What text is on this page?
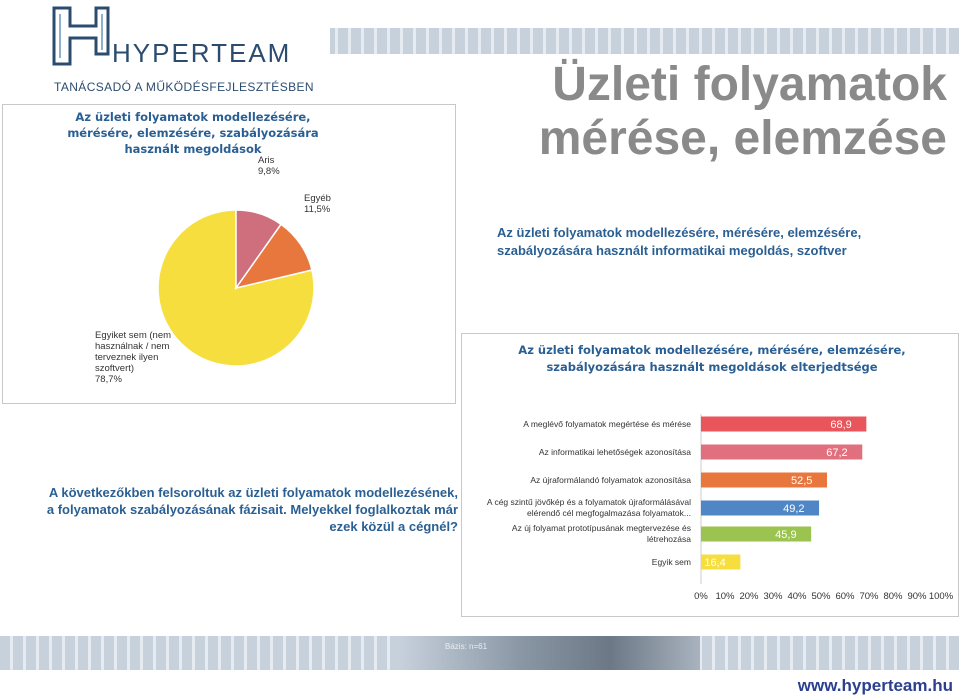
HYPERTEAM
TANÁCSADÓ A MŰKÖDÉSFEJLESZTÉSBEN	Üzleti folyamatok
mérése, elemzése
Az üzleti folyamatok modellezésére, mérésére, elemzésére, szabályozására használt informatikai megoldás, szoftver
Az üzleti folyamatok modellezésére, mérésére, elemzésére, szabályozására használt megoldások
Egyiket sem (nem
használnak / nem
terveznek ilyen
szoftvert)
78,7%
Aris
9,8%
Egyéb
11,5%
A következőkben felsoroltuk az üzleti folyamatok modellezésének, a folyamatok szabályozásának fázisait. Melyekkel foglalkoztak már ezek közül a cégnél?
Az üzleti folyamatok modellezésére, mérésére, elemzésére, szabályozására használt megoldások elterjedtsége
68,9
A meglévő folyamatok megértése és mérése
67,2
Az informatikai lehetőségek azonosítása
52,5
Az újraformálandó folyamatok azonosítása
49,2
A cég szintű jövőkép és a folyamatok újraformálásával
elérendő cél megfogalmazása folyamatok...
45,9
Az új folyamat prototípusának megtervezése és
létrehozása
16,4
Egyik sem
0% 10% 20% 30% 40% 50% 60% 70% 80% 90% 100%
Bázis: n=61
www.hyperteam.hu
